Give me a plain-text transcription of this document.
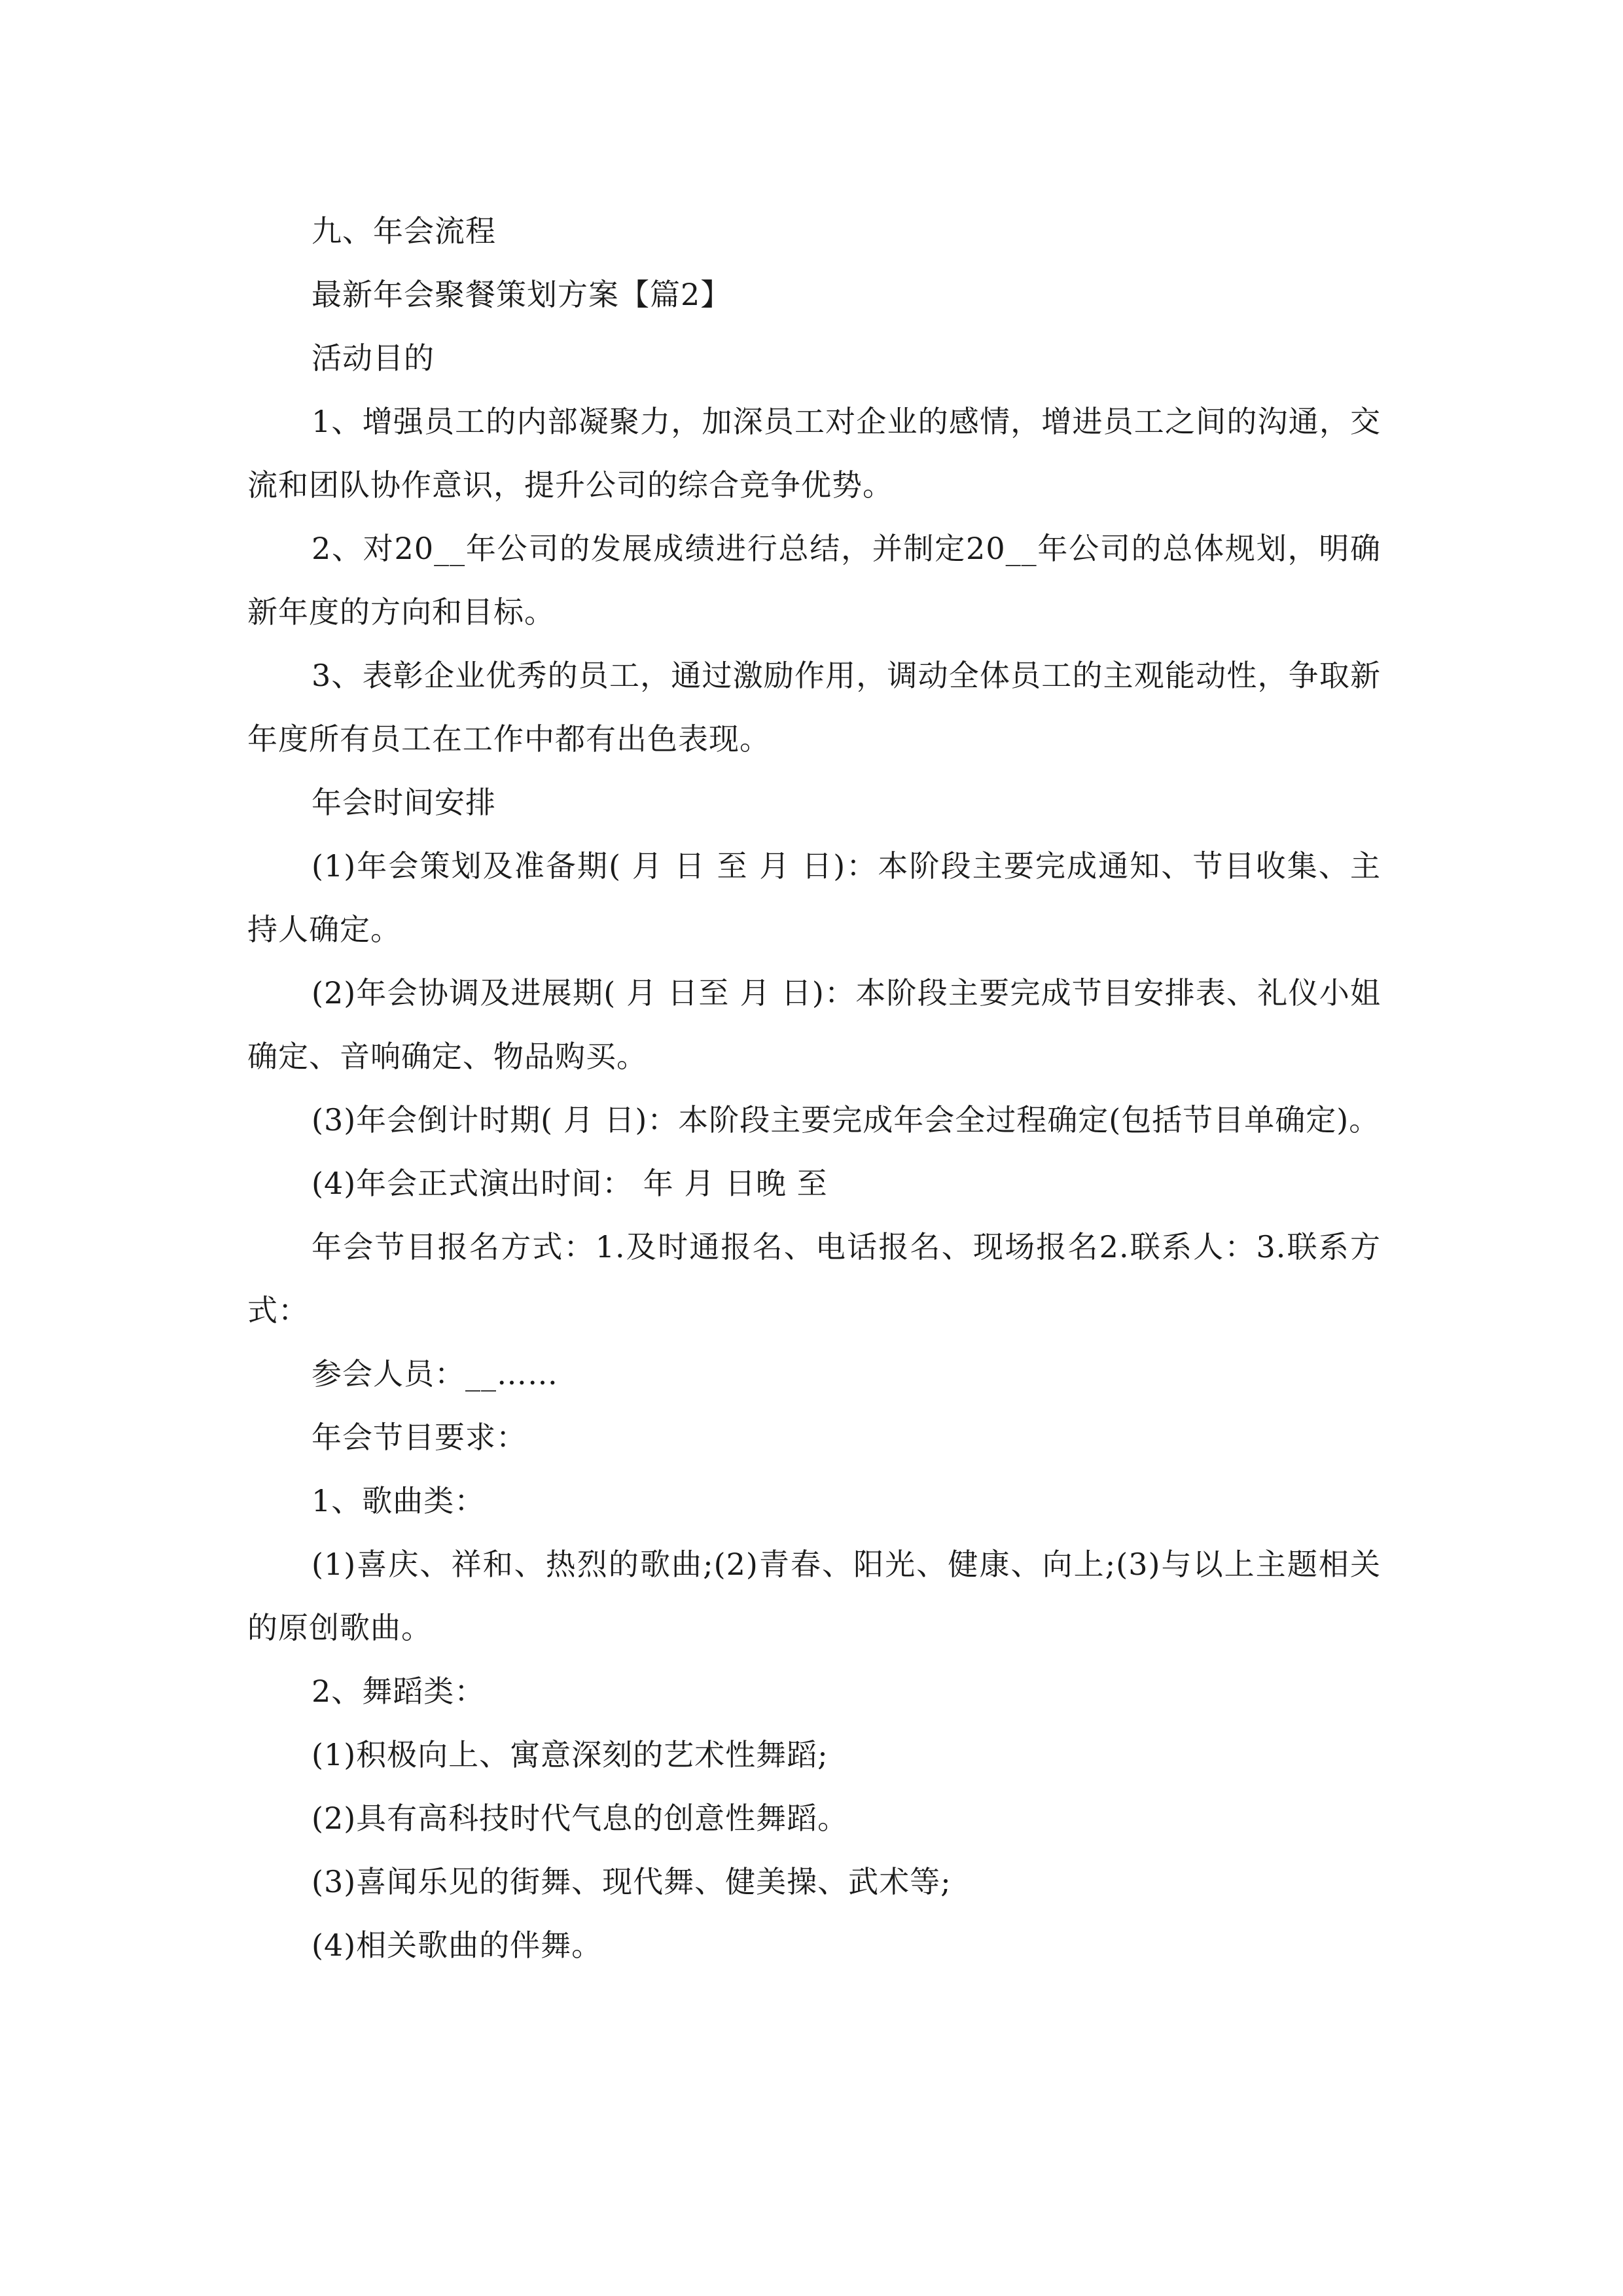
九、年会流程

最新年会聚餐策划方案【篇2】

活动目的

1、增强员工的内部凝聚力，加深员工对企业的感情，增进员工之间的沟通，交流和团队协作意识，提升公司的综合竞争优势。

2、对20__年公司的发展成绩进行总结，并制定20__年公司的总体规划，明确新年度的方向和目标。

3、表彰企业优秀的员工，通过激励作用，调动全体员工的主观能动性，争取新年度所有员工在工作中都有出色表现。

年会时间安排

(1)年会策划及准备期( 月 日 至 月 日)：本阶段主要完成通知、节目收集、主持人确定。

(2)年会协调及进展期( 月 日至 月 日)：本阶段主要完成节目安排表、礼仪小姐确定、音响确定、物品购买。

(3)年会倒计时期( 月 日)：本阶段主要完成年会全过程确定(包括节目单确定)。

(4)年会正式演出时间： 年 月 日晚 至

年会节目报名方式：1.及时通报名、电话报名、现场报名2.联系人：3.联系方式：

参会人员：__……

年会节目要求：

1、歌曲类：

(1)喜庆、祥和、热烈的歌曲;(2)青春、阳光、健康、向上;(3)与以上主题相关的原创歌曲。

2、舞蹈类：

(1)积极向上、寓意深刻的艺术性舞蹈;

(2)具有高科技时代气息的创意性舞蹈。

(3)喜闻乐见的街舞、现代舞、健美操、武术等;

(4)相关歌曲的伴舞。
